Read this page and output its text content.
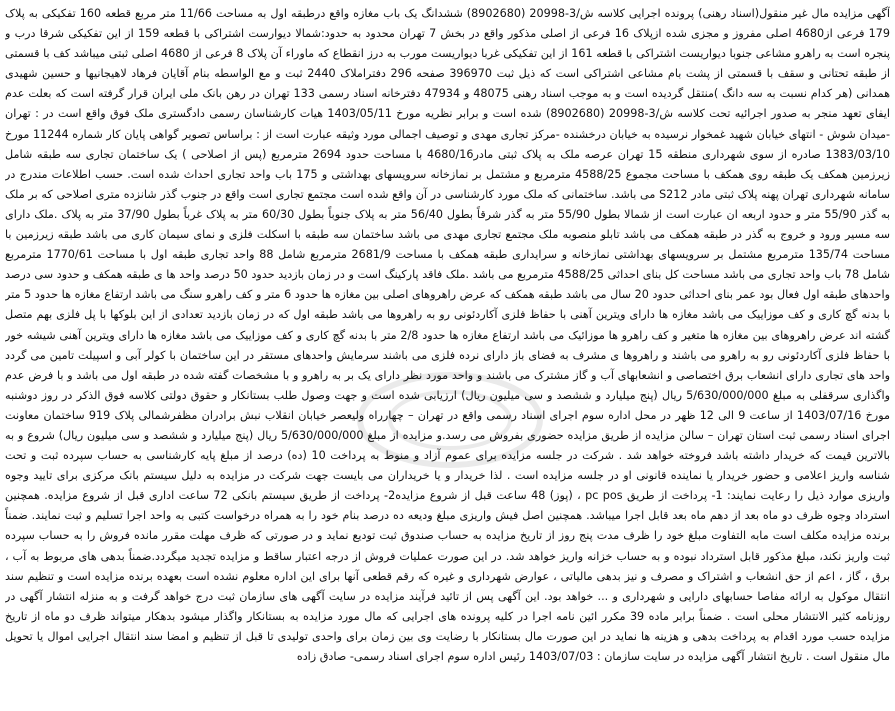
آگهی مزایده مال غیر منقول(اسناد رهنی) پرونده اجرایی کلاسه ش/3-20998 (8902680) ششدانگ یک باب مغازه واقع درطبقه اول به مساحت 11/66 متر مربع قطعه 160 تفکیکی به پلاک 179 فرعی از4680 اصلی مفروز و مجزی شده ازپلاک 16 فرعی از اصلی مذکور واقع در بخش 7 تهران محدود به حدود:شمالا دیوارست اشتراکی با قطعه 159 از این تفکیکی شرقا درب و پنجره است به راهرو مشاعی جنوبا دیواریست اشتراکی با قطعه 161 از این تفکیکی غربا دیواریست مورب به درز انقطاع که ماوراء آن پلاک 8 فرعی از 4680 اصلی ثبتی میباشد کف با قسمتی از طبقه تحتانی و سقف با قسمتی از پشت بام مشاعی اشتراکی است که ذیل ثبت 396970 صفحه 296 دفتراملاک 2440 ثبت و مع الواسطه بنام آقایان فرهاد لاهیجانیها و حسین شهیدی همدانی (هر کدام نسبت به سه دانگ )منتقل گردیده است و به موجب اسناد رهنی 48075 و 47934 دفترخانه اسناد رسمی 133 تهران در رهن بانک ملی ایران قرار گرفته است که بعلت عدم ایفای تعهد منجر به صدور اجرائیه تحت کلاسه ش/3-20998 (8902680) شده است و برابر نظریه مورخ 1403/05/11 هیات کارشناسان رسمی دادگستری ملک فوق واقع است در : تهران -میدان شوش - انتهای خیابان شهید غمخوار نرسیده به خیابان درخشنده -مرکز تجاری مهدی و توصیف اجمالی مورد وثیقه عبارت است از : براساس تصویر گواهی پایان کار شماره 11244 مورخ 1383/03/10 صادره از سوی شهرداری منطقه 15 تهران عرصه ملک به پلاک ثبتی مادر4680/16 با مساحت حدود 2694 مترمربع (پس از اصلاحی ) یک ساختمان تجاری سه طبقه شامل زیرزمین همکف یک طبقه روی همکف با مساحت مجموع 4588/25 مترمربع و مشتمل بر نمازخانه سرویسهای بهداشتی و 175 باب واحد تجاری احداث شده است. حسب اطلاعات مندرج در سامانه شهرداری تهران پهنه پلاک ثبتی مادر S212 می باشد. ساختمانی که ملک مورد کارشناسی در آن واقع شده است مجتمع تجاری است واقع در جنوب گذر شانزده متری اصلاحی که بر ملک به گذر 55/90 متر و حدود اربعه ان عبارت است از شمالا بطول 55/90 متر به گذر شرقاً بطول 56/40 متر به پلاک جنوباً بطول 60/30 متر به پلاک غرباً بطول 37/90 متر به پلاک .ملک دارای سه مسیر ورود و خروج به گذر در طبقه همکف می باشد تابلو منصوبه ملک مجتمع تجاری مهدی می باشد ساختمان سه طبقه با اسکلت فلزی و نمای سیمان کاری می باشد طبقه زیرزمین با مساحت 135/74 مترمربع مشتمل بر سرویسهای بهداشتی نمازخانه و سرایداری طبقه همکف با مساحت 2681/9 مترمربع شامل 88 واحد تجاری طبقه اول با مساحت 1770/61 مترمربع شامل 78 باب واحد تجاری می باشد مساحت کل بنای احداثی 4588/25 مترمربع می باشد .ملک فاقد پارکینگ است و در زمان بازدید حدود 50 درصد واحد ها ی طبقه همکف و حدود سی درصد واحدهای طبقه اول فعال بود عمر بنای احداثی حدود 20 سال می باشد طبقه همکف که عرض راهروهای اصلی بین مغازه ها حدود 6 متر و کف راهرو سنگ می باشد ارتفاع مغازه ها حدود 5 متر با بدنه گچ کاری و کف موزاییک می باشد مغازه ها دارای ویترین آهنی با حفاظ فلزی آکاردئونی رو به راهروها می باشد طبقه اول که در زمان بازدید تعدادی از این بلوکها با پل فلزی بهم متصل گشته اند عرض راهروهای بین مغازه ها متغیر و کف راهرو ها موزائیک می باشد ارتفاع مغازه ها حدود 2/8 متر با بدنه گچ کاری و کف موزاییک می باشد مغازه ها دارای ویترین آهنی شیشه خور با حفاظ فلزی آکاردئونی رو به راهرو می باشند و راهروها ی مشرف به فضای باز دارای نرده فلزی می باشند سرمایش واحدهای مستقر در این ساختمان با کولر آبی و اسپیلت تامین می گردد واحد های تجاری دارای انشعاب برق اختصاصی و انشعابهای آب و گاز مشترک می باشند و واحد مورد نظر دارای یک بر به راهرو و با مشخصات گفته شده در طبقه اول می باشد و با فرض عدم واگذاری سرقفلی به مبلغ 5/630/000/000 ریال (پنج میلیارد و ششصد و سی میلیون ریال) ارزیابی شده است و جهت وصول طلب بستانکار و حقوق دولتی کلاسه فوق الذکر در روز دوشنبه مورخ 1403/07/16 از ساعت 9 الی 12 ظهر در محل اداره سوم اجرای اسناد رسمی واقع در تهران – چهارراه ولیعصر خیابان انقلاب نبش برادران مظفرشمالی پلاک 919 ساختمان معاونت اجرای اسناد رسمی ثبت استان تهران – سالن مزایده از طریق مزایده حضوری بفروش می رسد.و مزایده از مبلغ 5/630/000/000 ریال (پنج میلیارد و ششصد و سی میلیون ریال) شروع و به بالاترین قیمت که خریدار داشته باشد فروخته خواهد شد . شرکت در جلسه مزایده برای عموم آزاد و منوط به پرداخت 10 (ده) درصد از مبلغ پایه کارشناسی به حساب سپرده ثبت و تحت شناسه واریز اعلامی و حضور خریدار یا نماینده قانونی او در جلسه مزایده است . لذا خریدار و یا خریداران می بایست جهت شرکت در مزایده به دلیل سیستم بانک مرکزی برای تایید وجوه واریزی موارد ذیل را رعایت نمایند: 1- پرداخت از طریق pc pos ، (پوز) 48 ساعت قبل از شروع مزایده2- پرداخت از طریق سیستم بانکی 72 ساعت اداری قبل از شروع مزایده. همچنین استرداد وجوه ظرف دو ماه بعد از دهم ماه بعد قابل اجرا میباشد. همچنین اصل فیش واریزی مبلغ ودیعه ده درصد بنام خود را به همراه درخواست کتبی به واحد اجرا تسلیم و ثبت نمایند. ضمناً برنده مزایده مکلف است مابه التفاوت مبلغ خود را ظرف مدت پنج روز از تاریخ مزایده به حساب صندوق ثبت تودیع نماید و در صورتی که ظرف مهلت مقرر مانده فروش را به حساب سپرده ثبت واریز نکند، مبلغ مذکور قابل استرداد نبوده و به حساب خزانه واریز خواهد شد. در این صورت عملیات فروش از درجه اعتبار ساقط و مزایده تجدید میگردد.ضمناً بدهی های مربوط به آب ، برق ، گاز ، اعم از حق انشعاب و اشتراک و مصرف و نیز بدهی مالیاتی ، عوارض شهرداری و غیره که رقم قطعی آنها برای این اداره معلوم نشده است بعهده برنده مزایده است و تنظیم سند انتقال موکول به ارائه مفاصا حسابهای دارایی و شهرداری و ... خواهد بود. این آگهی پس از تائید فرآیند مزایده در سایت آگهی های سازمان ثبت درج خواهد گرفت و به منزله انتشار آگهی در روزنامه کثیر الانتشار محلی است . ضمناً برابر ماده 39 مکرر ائین نامه اجرا در کلیه پرونده های اجرایی که مال مورد مزایده به بستانکار واگذار میشود بدهکار میتواند ظرف دو ماه از تاریخ مزایده حسب مورد اقدام به پرداخت بدهی و هزینه ها نماید در این صورت مال بستانکار با رضایت وی بین زمان برای واحدی تولیدی تا قبل از تنظیم و امضا سند انتقال اجرایی اموال یا تحویل مال منقول است . تاریخ انتشار آگهی مزایده در سایت سازمان : 1403/07/03 رئیس اداره سوم اجرای اسناد رسمی- صادق زاده
